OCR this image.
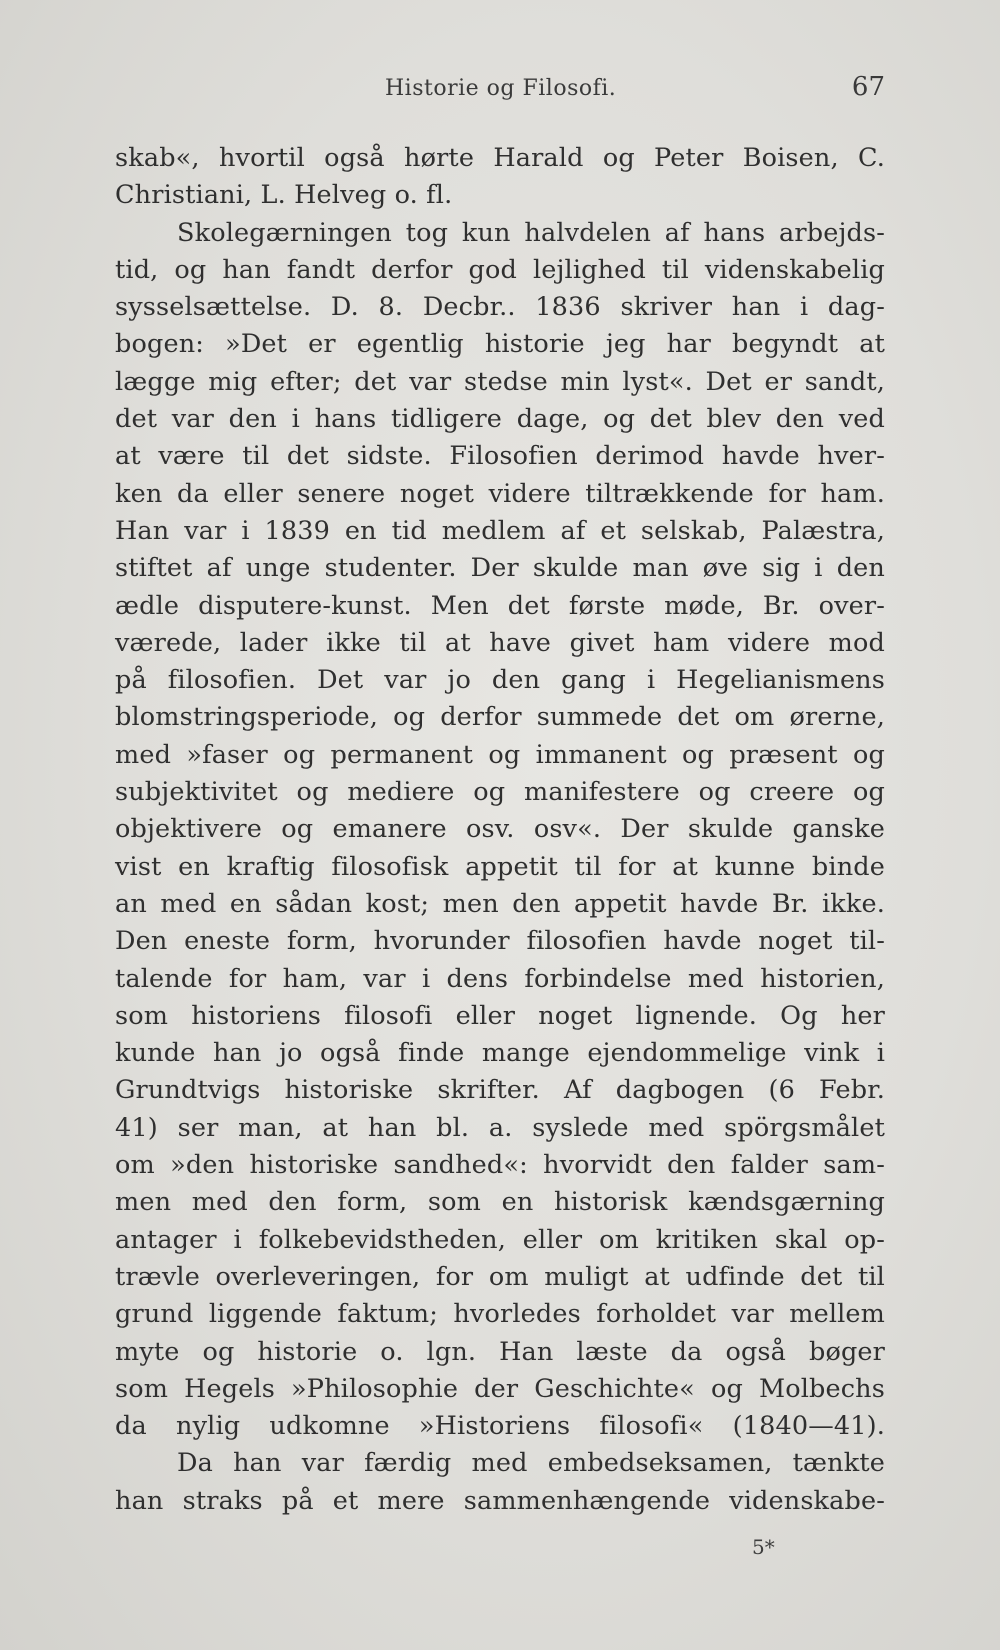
Historie og Filosofi.	67

skab«, hvortil også hørte Harald og Peter Boisen, C.
Christiani, L. Helveg o. fl.

Skolegærningen tog kun halvdelen af hans arbejds-
tid, og han fandt derfor god lejlighed til videnskabelig
sysselsættelse. D. 8. Decbr.. 1836 skriver han i dag-
bogen: »Det er egentlig historie jeg har begyndt at
lægge mig efter; det var stedse min lyst«. Det er sandt,
det var den i hans tidligere dage, og det blev den ved
at være til det sidste. Filosofien derimod havde hver-
ken da eller senere noget videre tiltrækkende for ham.
Han var i 1839 en tid medlem af et selskab, Palæstra,
stiftet af unge studenter. Der skulde man øve sig i den
ædle disputere-kunst. Men det første møde, Br. over-
værede, lader ikke til at have givet ham videre mod
på filosofien. Det var jo den gang i Hegelianismens
blomstringsperiode, og derfor summede det om ørerne,
med »faser og permanent og immanent og præsent og
subjektivitet og mediere og manifestere og creere og
objektivere og emanere osv. osv«. Der skulde ganske
vist en kraftig filosofisk appetit til for at kunne binde
an med en sådan kost; men den appetit havde Br. ikke.
Den eneste form, hvorunder filosofien havde noget til-
talende for ham, var i dens forbindelse med historien,
som historiens filosofi eller noget lignende. Og her
kunde han jo også finde mange ejendommelige vink i
Grundtvigs historiske skrifter. Af dagbogen (6 Febr.
41) ser man, at han bl. a. syslede med spörgsmålet
om »den historiske sandhed«: hvorvidt den falder sam-
men med den form, som en historisk kændsgærning
antager i folkebevidstheden, eller om kritiken skal op-
trævle overleveringen, for om muligt at udfinde det til
grund liggende faktum; hvorledes forholdet var mellem
myte og historie o. lgn. Han læste da også bøger
som Hegels »Philosophie der Geschichte« og Molbechs
da nylig udkomne »Historiens filosofi« (1840—41).

Da han var færdig med embedseksamen, tænkte
han straks på et mere sammenhængende videnskabe-

5*
